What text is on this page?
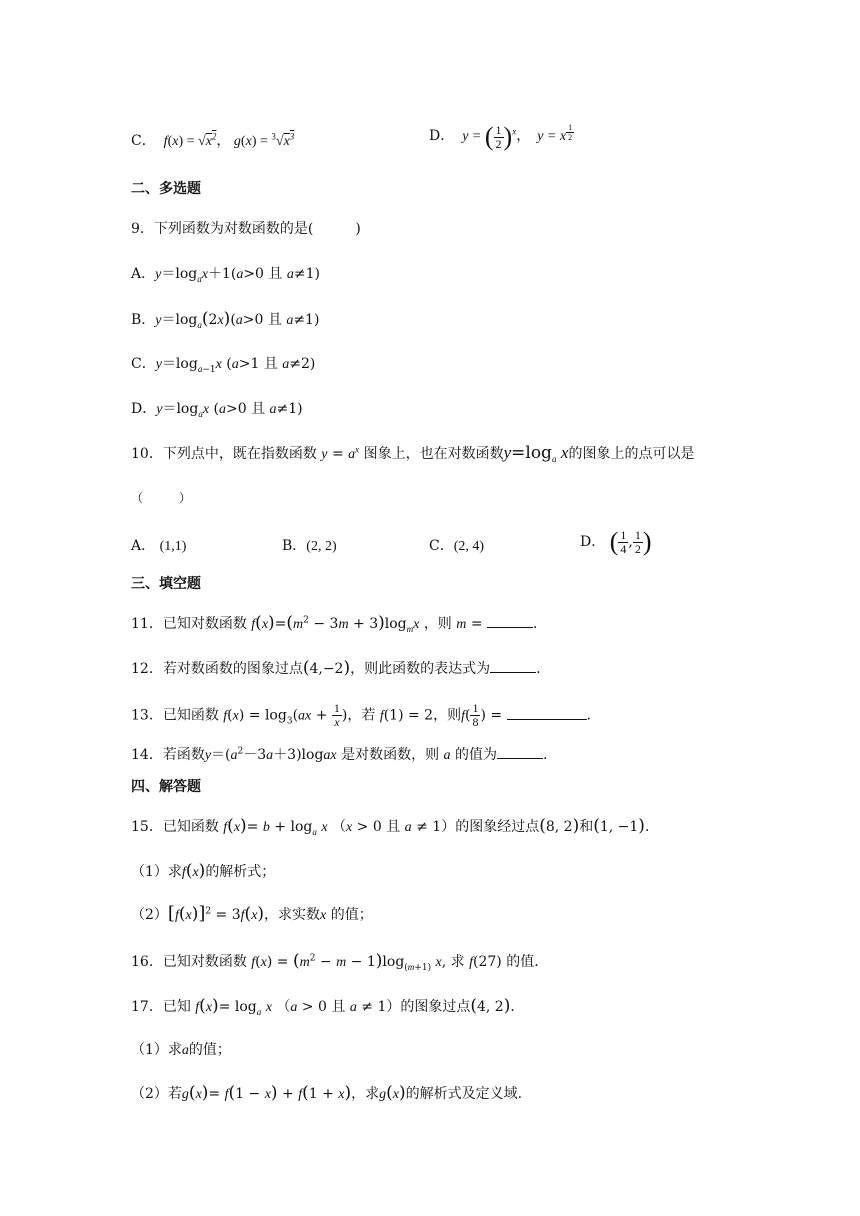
C．  $f(x) = √x^2$， $g(x) = ^3√x^3$	D．  y = ( $\frac{1}{2} )^x$，  y = x $^{\frac{1}{2}}$
二、多选题
9．下列函数为对数函数的是(　　　)
A．$y=\log_ax+1(a>0$ 且 a≠1)
B．$y=\log_a(2x)(a>0$ 且 a≠1)
C．$y=\log_{a-1}x$ (a>1 且 a≠2)
D．$y=\log_ax$ (a>0 且 a≠1)
10．下列点中，既在指数函数 $y = a^x$ 图象上，也在对数函数$y=\log_a$ x的图象上的点可以是
（　　　）
A． (1,1)	B．(2, 2)	C．(2, 4)	D． ( $\frac{1}{4}$ , $\frac{1}{2}$ )
三、填空题
11．已知对数函数 $f(x)=(m^2 - 3m + 3)\log_mx$ ，则 m =	.
12．若对数函数的图象过点(4,−2)，则此函数的表达式为	.
13．已知函数 $f(x) = \log_3(ax + \frac{1}{x}$ )，若 f(1) = 2，则$f( \frac{1}{8}$ ) =	.
14．若函数$y=(a^2-3a+3)logax$ 是对数函数，则 a 的值为	.
四、解答题
15．已知函数 $f(x)= b + \log_a x$ （x > 0 且 a ≠ 1）的图象经过点(8, 2)和(1, −1).
（1）求f(x)的解析式；
$(2)[f(x)]^2 = 3f(x)$，求实数x 的值；
16．已知对数函数 $f(x) = (m^2 - m - 1)\log_{(m+1)}$ x, 求 f(27) 的值.
17．已知 $f(x)= \log_a x$ （a > 0 且 a ≠ 1）的图象过点(4, 2).
（1）求a的值；
（2）若g(x)= f(1 − x) + f(1 + x)，求g(x)的解析式及定义域.
